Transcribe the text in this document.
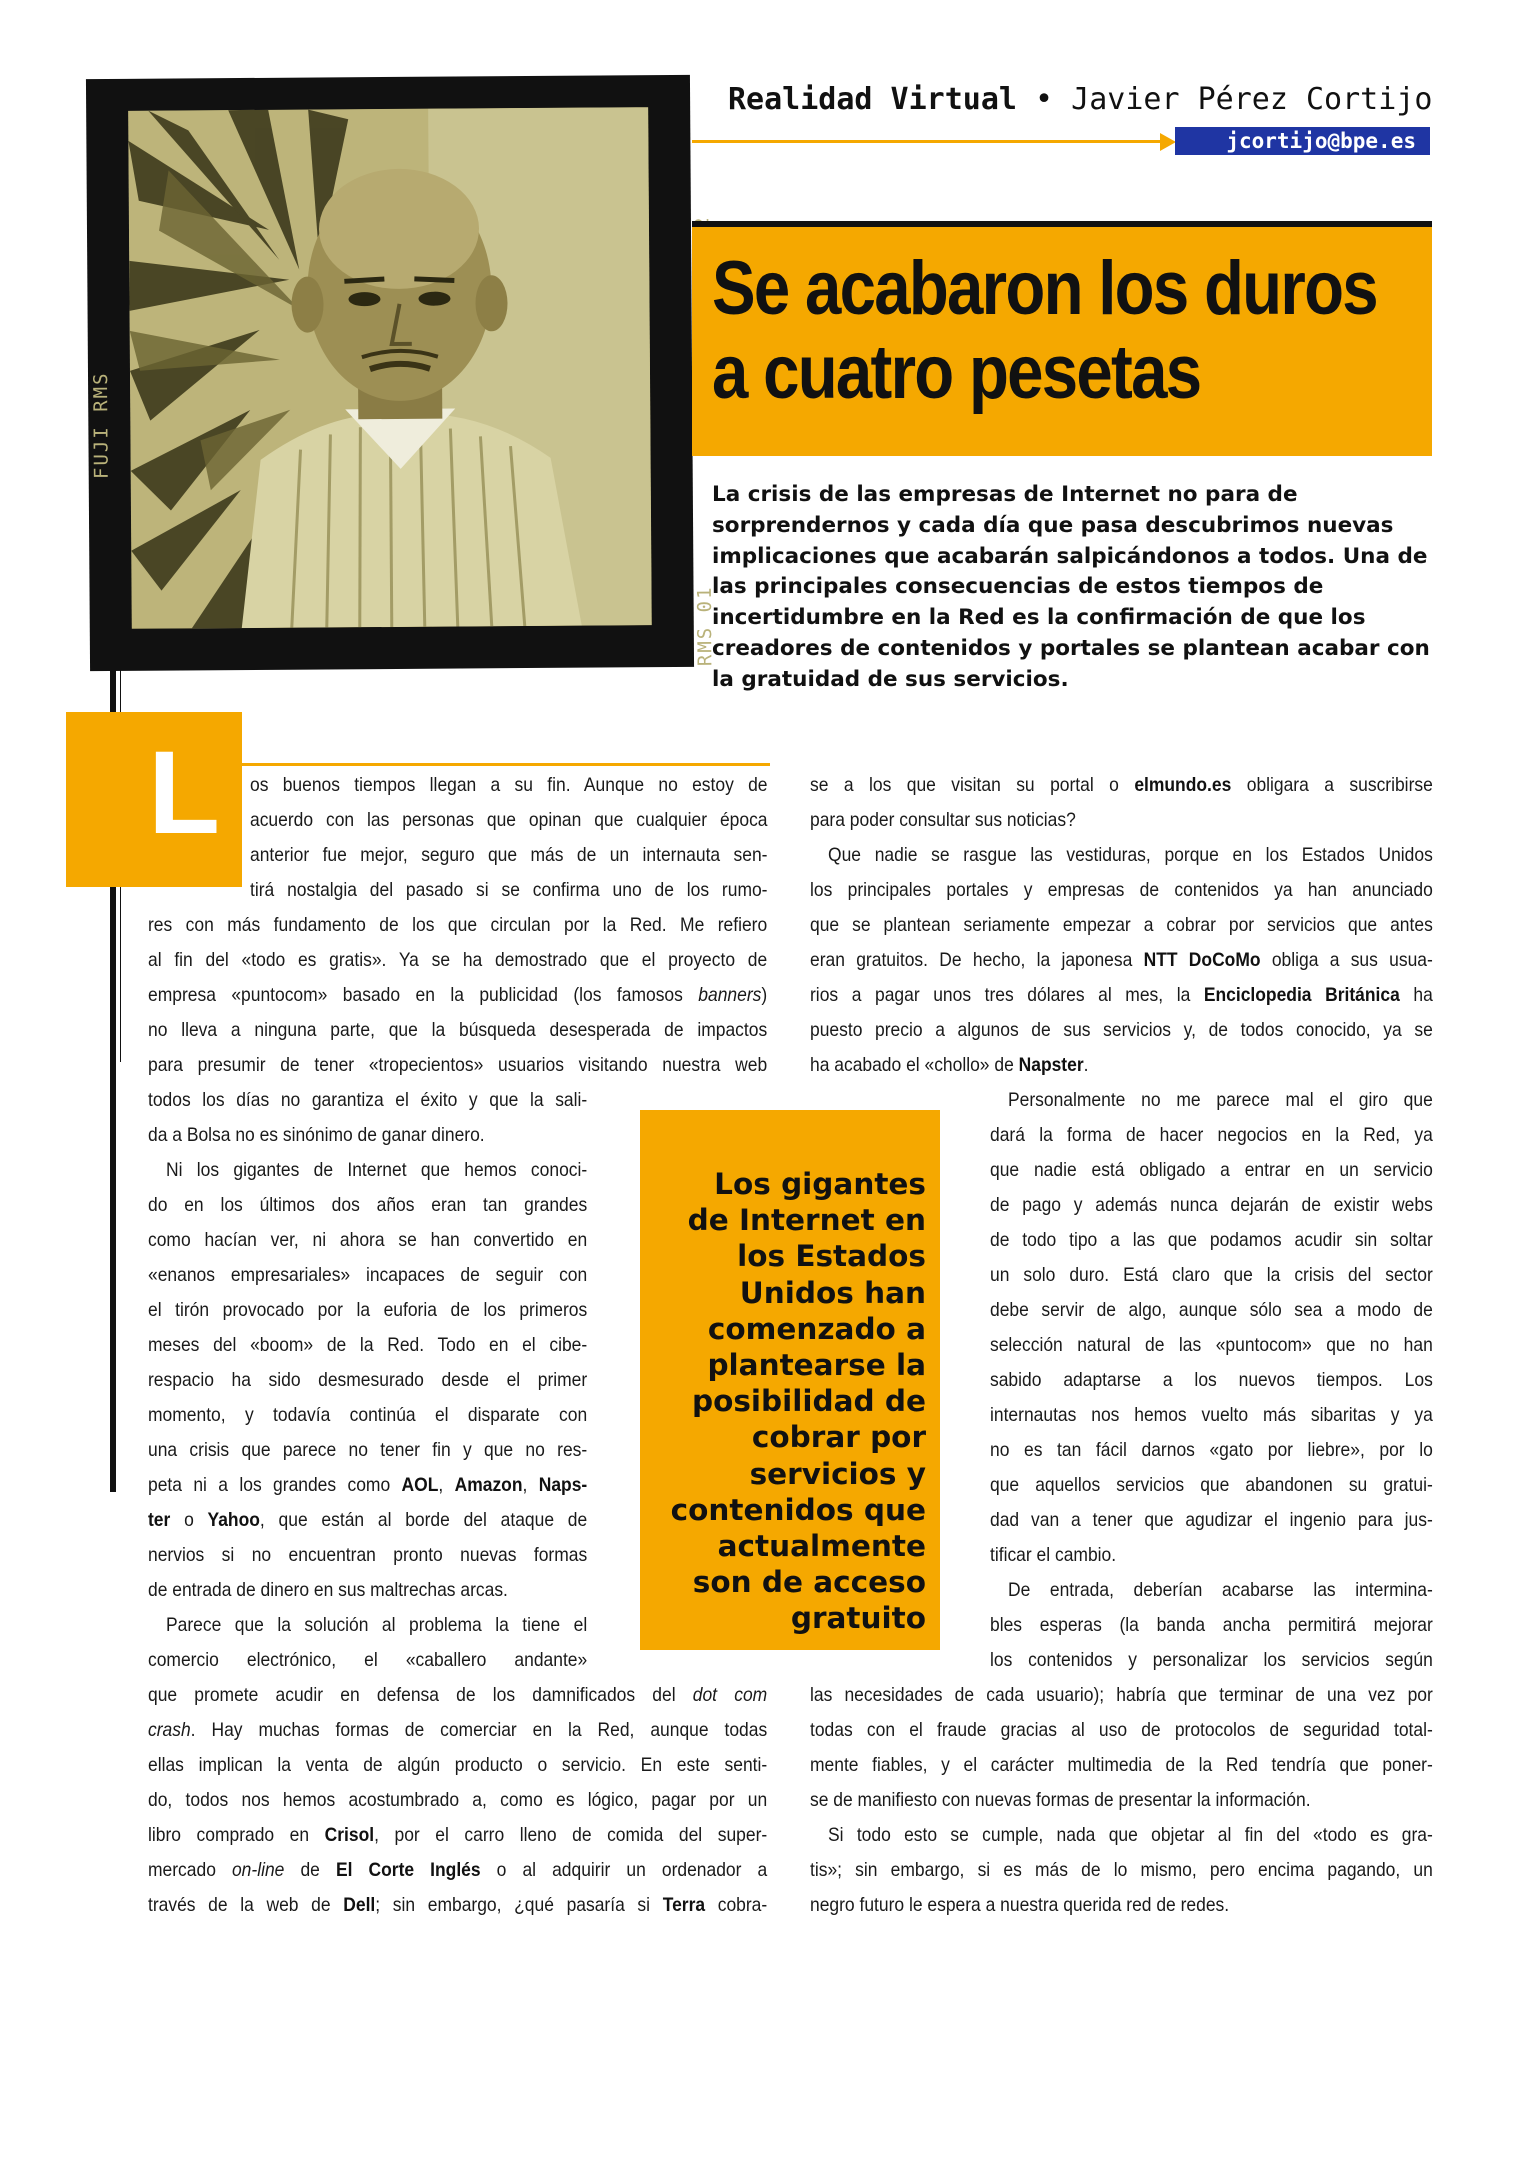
FUJI RMS
RMS 01
Realidad Virtual • Javier Pérez Cortijo
jcortijo@bpe.es
Se acabaron los duros
a cuatro pesetas
La crisis de las empresas de Internet no para de sorprendernos y cada día que pasa descubrimos nuevas implicaciones que acabarán salpicándonos a todos. Una de las principales consecuencias de estos tiempos de incertidumbre en la Red es la confirmación de que los creadores de contenidos y portales se plantean acabar con la gratuidad de sus servicios.
L os buenos tiempos llegan a su fin. Aunque no estoy de
acuerdo con las personas que opinan que cualquier época
anterior fue mejor, seguro que más de un internauta sen-
tirá nostalgia del pasado si se confirma uno de los rumo-
res con más fundamento de los que circulan por la Red. Me refiero
al fin del «todo es gratis». Ya se ha demostrado que el proyecto de
empresa «puntocom» basado en la publicidad (los famosos banners)
no lleva a ninguna parte, que la búsqueda desesperada de impactos
para presumir de tener «tropecientos» usuarios visitando nuestra web
todos los días no garantiza el éxito y que la sali-
da a Bolsa no es sinónimo de ganar dinero.
Ni los gigantes de Internet que hemos conoci-
do en los últimos dos años eran tan grandes
como hacían ver, ni ahora se han convertido en
«enanos empresariales» incapaces de seguir con
el tirón provocado por la euforia de los primeros
meses del «boom» de la Red. Todo en el cibe-
respacio ha sido desmesurado desde el primer
momento, y todavía continúa el disparate con
una crisis que parece no tener fin y que no res-
peta ni a los grandes como AOL, Amazon, Naps-
ter o Yahoo, que están al borde del ataque de
nervios si no encuentran pronto nuevas formas
de entrada de dinero en sus maltrechas arcas.
Parece que la solución al problema la tiene el
comercio electrónico, el «caballero andante»
que promete acudir en defensa de los damnificados del dot com
crash. Hay muchas formas de comerciar en la Red, aunque todas
ellas implican la venta de algún producto o servicio. En este senti-
do, todos nos hemos acostumbrado a, como es lógico, pagar por un
libro comprado en Crisol, por el carro lleno de comida del super-
mercado on-line de El Corte Inglés o al adquirir un ordenador a
través de la web de Dell; sin embargo, ¿qué pasaría si Terra cobra-
se a los que visitan su portal o elmundo.es obligara a suscribirse
para poder consultar sus noticias?
Que nadie se rasgue las vestiduras, porque en los Estados Unidos
los principales portales y empresas de contenidos ya han anunciado
que se plantean seriamente empezar a cobrar por servicios que antes
eran gratuitos. De hecho, la japonesa NTT DoCoMo obliga a sus usua-
rios a pagar unos tres dólares al mes, la Enciclopedia Británica ha
puesto precio a algunos de sus servicios y, de todos conocido, ya se
ha acabado el «chollo» de Napster.
Personalmente no me parece mal el giro que
dará la forma de hacer negocios en la Red, ya
que nadie está obligado a entrar en un servicio
de pago y además nunca dejarán de existir webs
de todo tipo a las que podamos acudir sin soltar
un solo duro. Está claro que la crisis del sector
debe servir de algo, aunque sólo sea a modo de
selección natural de las «puntocom» que no han
sabido adaptarse a los nuevos tiempos. Los
internautas nos hemos vuelto más sibaritas y ya
no es tan fácil darnos «gato por liebre», por lo
que aquellos servicios que abandonen su gratui-
dad van a tener que agudizar el ingenio para jus-
tificar el cambio.
De entrada, deberían acabarse las intermina-
bles esperas (la banda ancha permitirá mejorar
los contenidos y personalizar los servicios según
las necesidades de cada usuario); habría que terminar de una vez por
todas con el fraude gracias al uso de protocolos de seguridad total-
mente fiables, y el carácter multimedia de la Red tendría que poner-
se de manifiesto con nuevas formas de presentar la información.
Si todo esto se cumple, nada que objetar al fin del «todo es gra-
tis»; sin embargo, si es más de lo mismo, pero encima pagando, un
negro futuro le espera a nuestra querida red de redes.
Los gigantes
de Internet en
los Estados
Unidos han
comenzado a
plantearse la
posibilidad de
cobrar por
servicios y
contenidos que
actualmente
son de acceso
gratuito
